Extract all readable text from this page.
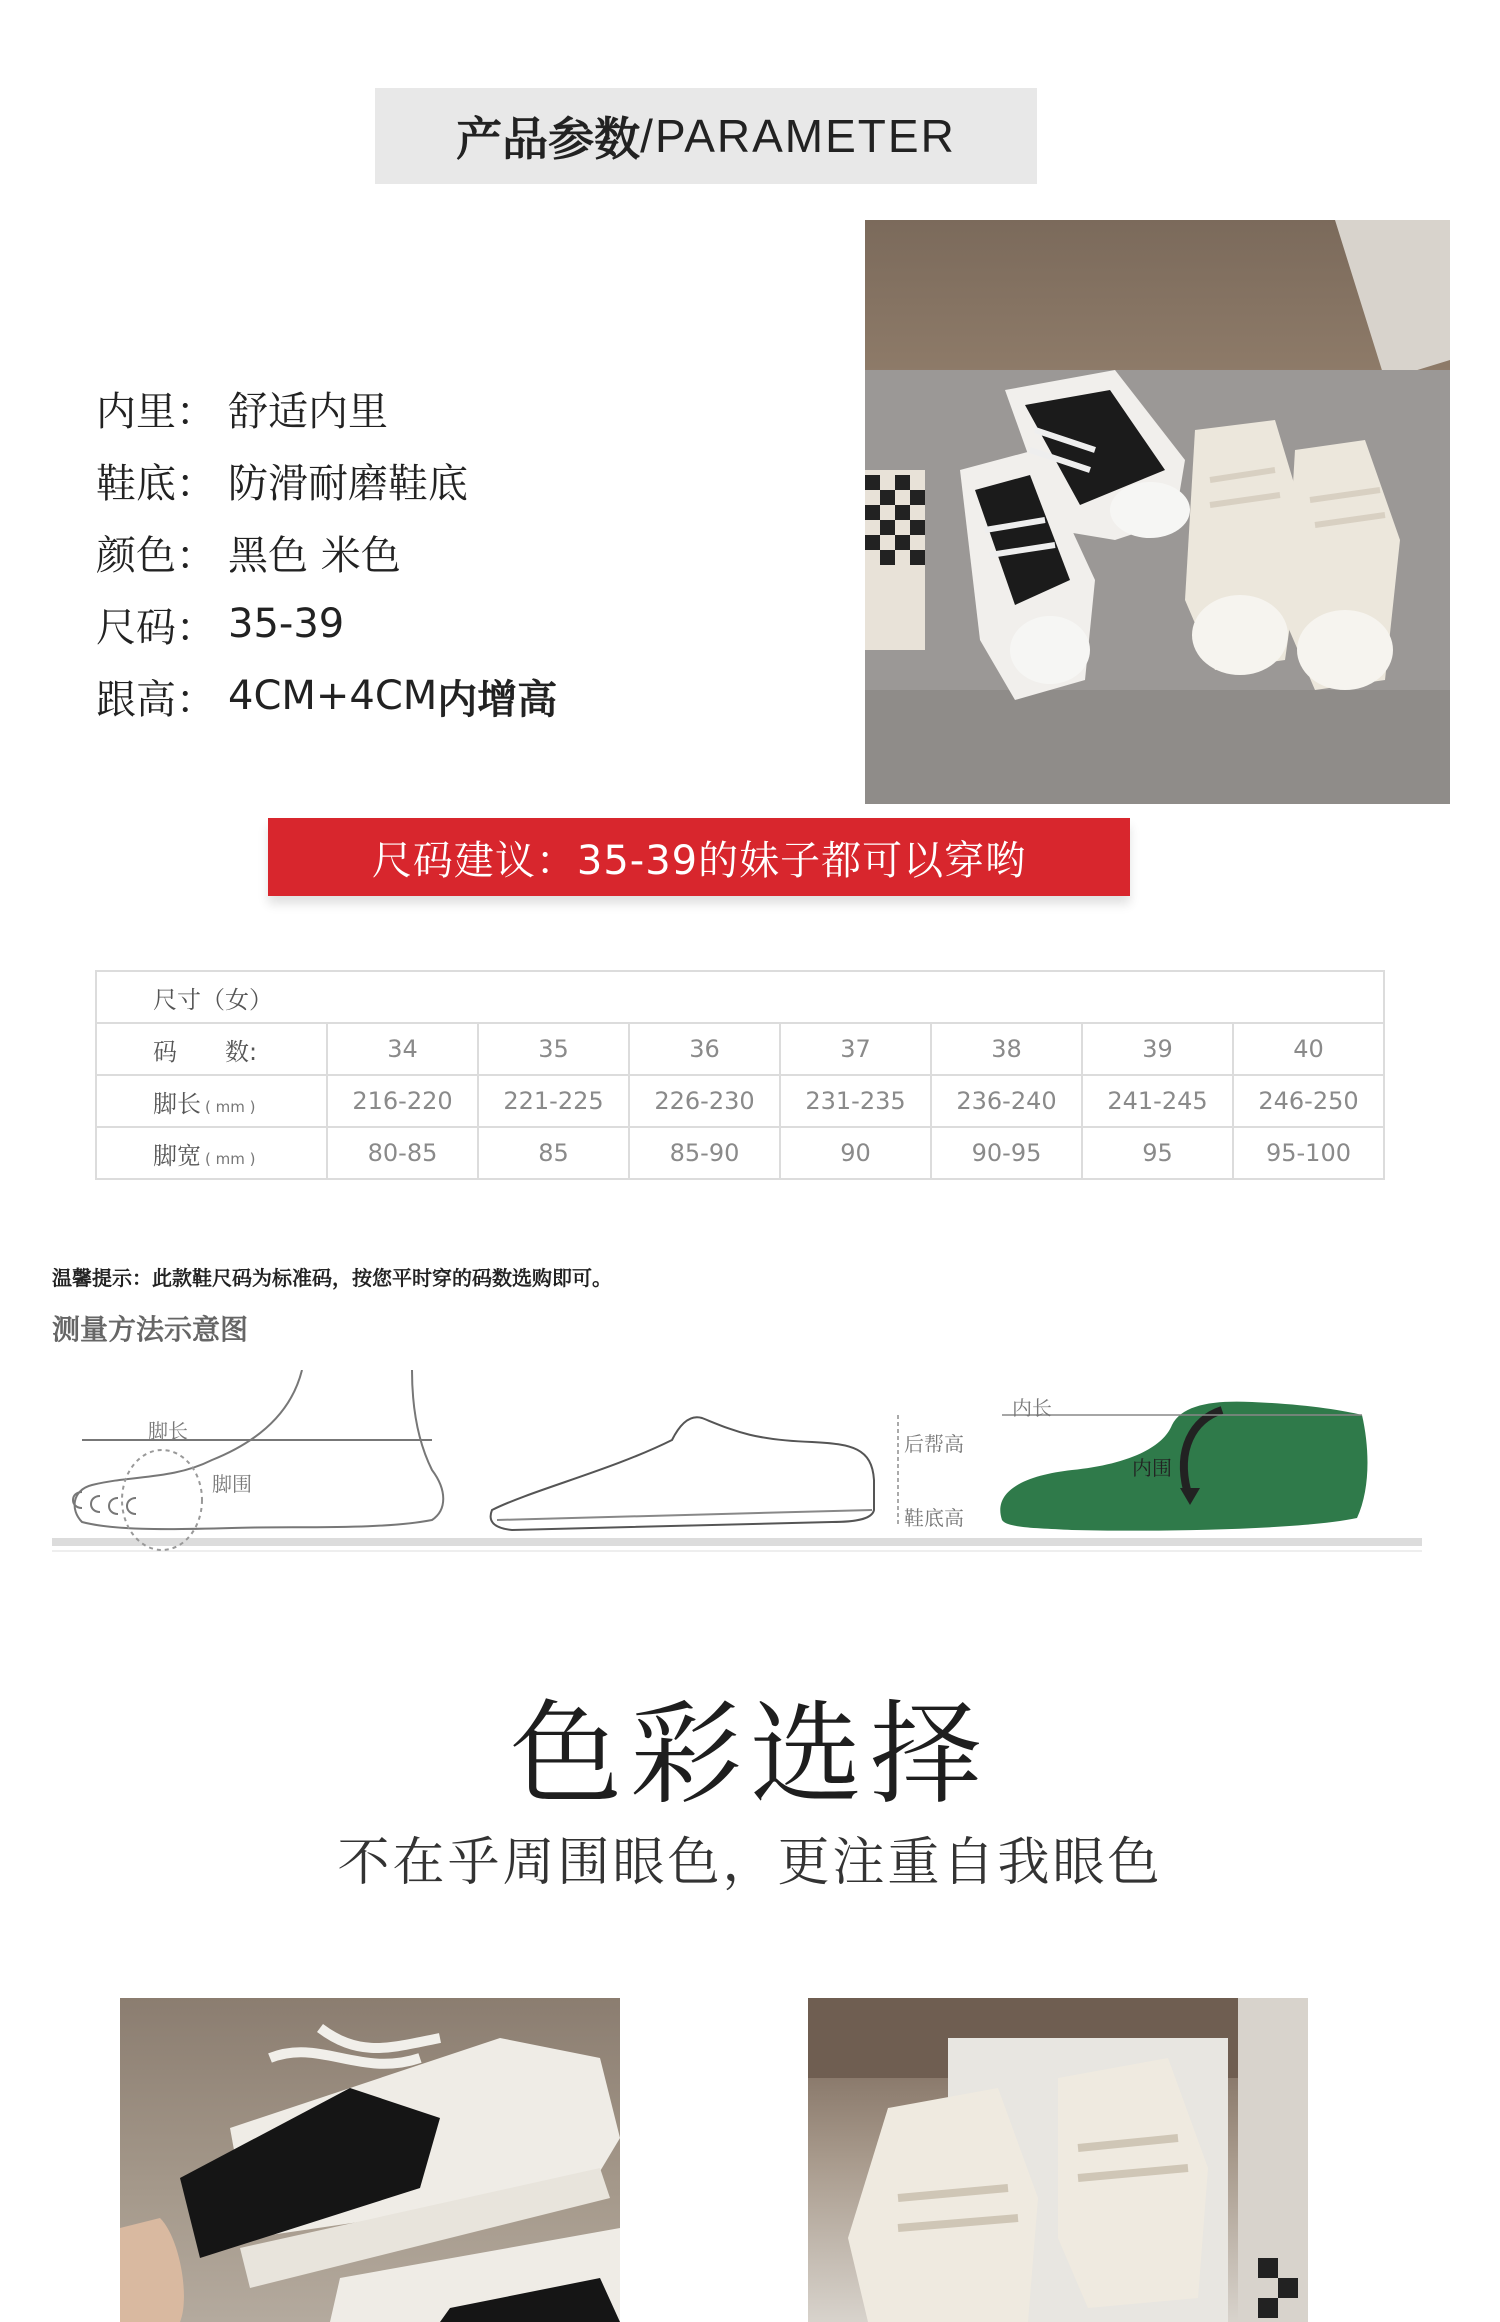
产品参数 /PARAMETER
内里： 舒适内里
鞋底： 防滑耐磨鞋底
颜色： 黑色 米色
尺码： 35-39
跟高： 4CM+4CM 内增高
尺码建议：35-39的妹子都可以穿哟
尺寸（女）							
码　　数:	34	35	36	37	38	39	40
脚长 ( mm )	216-220	221-225	226-230	231-235	236-240	241-245	246-250
脚宽 ( mm )	80-85	85	85-90	90	90-95	95	95-100
温馨提示：此款鞋尺码为标准码，按您平时穿的码数选购即可。
测量方法示意图
脚长
脚围
后帮高
鞋底高
内长
内围
色彩选择
不在乎周围眼色，更注重自我眼色
